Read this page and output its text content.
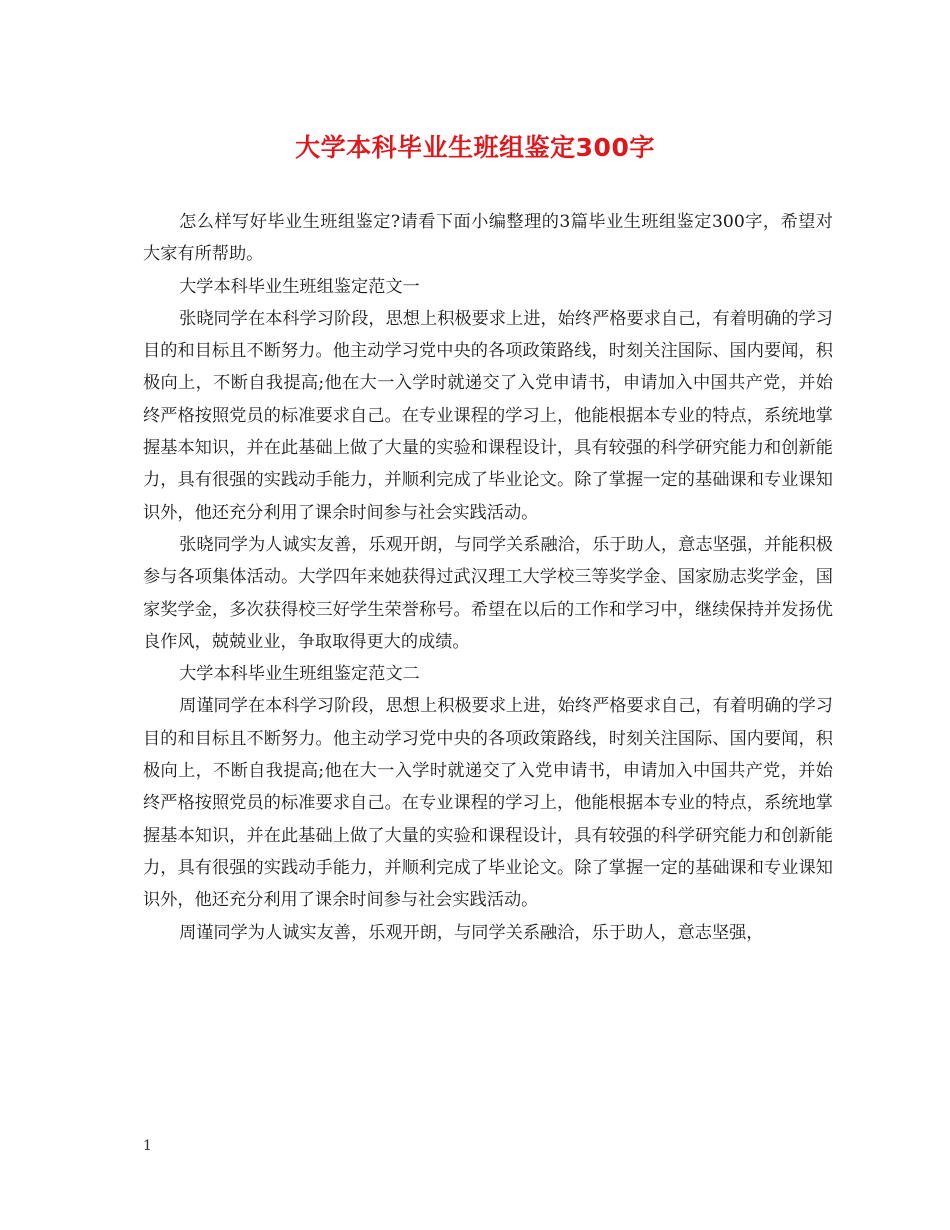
大学本科毕业生班组鉴定300字

怎么样写好毕业生班组鉴定?请看下面小编整理的3篇毕业生班组鉴定300字，希望对大家有所帮助。

大学本科毕业生班组鉴定范文一

张晓同学在本科学习阶段，思想上积极要求上进，始终严格要求自己，有着明确的学习目的和目标且不断努力。他主动学习党中央的各项政策路线，时刻关注国际、国内要闻，积极向上，不断自我提高;他在大一入学时就递交了入党申请书，申请加入中国共产党，并始终严格按照党员的标准要求自己。在专业课程的学习上，他能根据本专业的特点，系统地掌握基本知识，并在此基础上做了大量的实验和课程设计，具有较强的科学研究能力和创新能力，具有很强的实践动手能力，并顺利完成了毕业论文。除了掌握一定的基础课和专业课知识外，他还充分利用了课余时间参与社会实践活动。

张晓同学为人诚实友善，乐观开朗，与同学关系融洽，乐于助人，意志坚强，并能积极参与各项集体活动。大学四年来她获得过武汉理工大学校三等奖学金、国家励志奖学金，国家奖学金，多次获得校三好学生荣誉称号。希望在以后的工作和学习中，继续保持并发扬优良作风，兢兢业业，争取取得更大的成绩。

大学本科毕业生班组鉴定范文二

周谨同学在本科学习阶段，思想上积极要求上进，始终严格要求自己，有着明确的学习目的和目标且不断努力。他主动学习党中央的各项政策路线，时刻关注国际、国内要闻，积极向上，不断自我提高;他在大一入学时就递交了入党申请书，申请加入中国共产党，并始终严格按照党员的标准要求自己。在专业课程的学习上，他能根据本专业的特点，系统地掌握基本知识，并在此基础上做了大量的实验和课程设计，具有较强的科学研究能力和创新能力，具有很强的实践动手能力，并顺利完成了毕业论文。除了掌握一定的基础课和专业课知识外，他还充分利用了课余时间参与社会实践活动。

周谨同学为人诚实友善，乐观开朗，与同学关系融洽，乐于助人，意志坚强，

1
